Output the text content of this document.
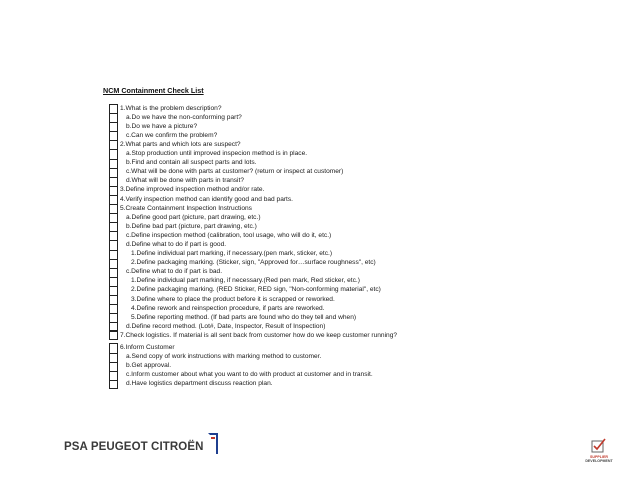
NCM Containment Check List
1.What is the problem description?
a.Do we have the non-conforming part?
b.Do we have a picture?
c.Can we confirm the problem?
2.What parts and which lots are suspect?
a.Stop production until improved inspecion method is in place.
b.Find and contain all suspect parts and lots.
c.What will be done with parts at customer? (return or inspect at customer)
d.What will be done with parts in transit?
3.Define improved inspection method and/or rate.
4.Verify inspection method can identify good and bad parts.
5.Create Containment Inspection Instructions
a.Define good part (picture, part drawing, etc.)
b.Define bad part (picture, part drawing, etc.)
c.Define inspection method (calibration, tool usage, who will do it, etc.)
d.Define what to do if part is good.
1.Define individual part marking, if necessary.(pen mark, sticker, etc.)
2.Define packaging marking. (Sticker, sign, "Approved for…surface roughness", etc)
c.Define what to do if part is bad.
1.Define individual part marking, if necessary.(Red pen mark, Red sticker, etc.)
2.Define packaging marking. (RED Sticker, RED sign, "Non-conforming material", etc)
3.Define where to place the product before it is scrapped or reworked.
4.Define rework and reinspection procedure, if parts are reworked.
5.Define reporting method. (If bad parts are found who do they tell and when)
d.Define record method. (Lot#, Date, Inspector, Result of Inspection)
7.Check logistics. If material is all sent back from customer how do we keep customer running?
6.Inform Customer
a.Send copy of work instructions with marking method to customer.
b.Get approval.
c.Inform customer about what you want to do with product at customer and in transit.
d.Have logistics department discuss reaction plan.
PSA PEUGEOT CITROËN
SUPPLIER
DEVELOPMENT
